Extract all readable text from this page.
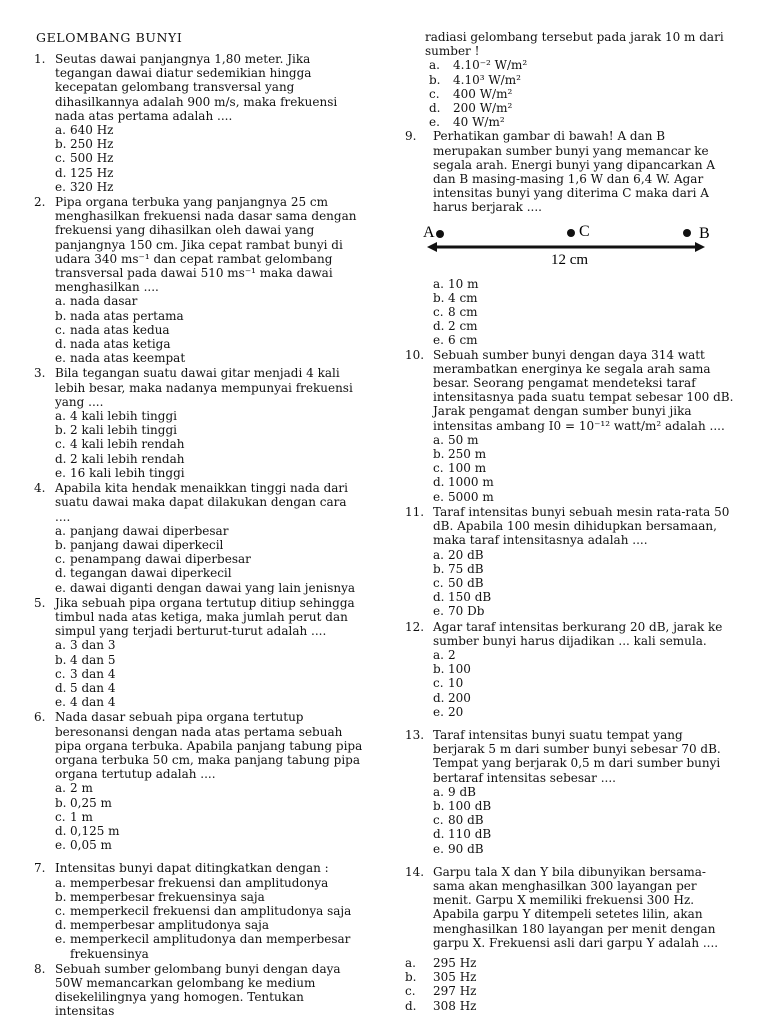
GELOMBANG BUNYI
1. Seutas dawai panjangnya 1,80 meter. Jika tegangan dawai diatur sedemikian hingga kecepatan gelombang transversal yang dihasilkannya adalah 900 m/s, maka frekuensi nada atas pertama adalah ....
a. 640 Hz
b. 250 Hz
c. 500 Hz
d. 125 Hz
e. 320 Hz
2. Pipa organa terbuka yang panjangnya 25 cm menghasilkan frekuensi nada dasar sama dengan frekuensi yang dihasilkan oleh dawai yang panjangnya 150 cm. Jika cepat rambat bunyi di udara 340 ms⁻¹ dan cepat rambat gelombang transversal pada dawai 510 ms⁻¹ maka dawai menghasilkan ....
a. nada dasar
b. nada atas pertama
c. nada atas kedua
d. nada atas ketiga
e. nada atas keempat
3. Bila tegangan suatu dawai gitar menjadi 4 kali lebih besar, maka nadanya mempunyai frekuensi yang ....
a. 4 kali lebih tinggi
b. 2 kali lebih tinggi
c. 4 kali lebih rendah
d. 2 kali lebih rendah
e. 16 kali lebih tinggi
4. Apabila kita hendak menaikkan tinggi nada dari suatu dawai maka dapat dilakukan dengan cara ....
a. panjang dawai diperbesar
b. panjang dawai diperkecil
c. penampang dawai diperbesar
d. tegangan dawai diperkecil
e. dawai diganti dengan dawai yang lain jenisnya
5. Jika sebuah pipa organa tertutup ditiup sehingga timbul nada atas ketiga, maka jumlah perut dan simpul yang terjadi berturut-turut adalah ....
a. 3 dan 3
b. 4 dan 5
c. 3 dan 4
d. 5 dan 4
e. 4 dan 4
6. Nada dasar sebuah pipa organa tertutup beresonansi dengan nada atas pertama sebuah pipa organa terbuka. Apabila panjang tabung pipa organa terbuka 50 cm, maka panjang tabung pipa organa tertutup adalah ....
a. 2 m
b. 0,25 m
c. 1 m
d. 0,125 m
e. 0,05 m
7. Intensitas bunyi dapat ditingkatkan dengan :
a. memperbesar frekuensi dan amplitudonya
b. memperbesar frekuensinya saja
c. memperkecil frekuensi dan amplitudonya saja
d. memperbesar amplitudonya saja
e. memperkecil amplitudonya dan memperbesar frekuensinya
8. Sebuah sumber gelombang bunyi dengan daya 50W memancarkan gelombang ke medium disekelilingnya yang homogen. Tentukan intensitas
radiasi gelombang tersebut pada jarak 10 m dari sumber !
a. 4.10⁻² W/m²
b. 4.10³ W/m²
c. 400 W/m²
d. 200 W/m²
e. 40 W/m²
9. Perhatikan gambar di bawah! A dan B merupakan sumber bunyi yang memancar ke segala arah. Energi bunyi yang dipancarkan A dan B masing-masing 1,6 W dan 6,4 W. Agar intensitas bunyi yang diterima C maka dari A harus berjarak ....
A	C	B
12 cm
a. 10 m
b. 4 cm
c. 8 cm
d. 2 cm
e. 6 cm
10. Sebuah sumber bunyi dengan daya 314 watt merambatkan energinya ke segala arah sama besar. Seorang pengamat mendeteksi taraf intensitasnya pada suatu tempat sebesar 100 dB. Jarak pengamat dengan sumber bunyi jika intensitas ambang I0 = 10⁻¹² watt/m² adalah ....
a. 50 m
b. 250 m
c. 100 m
d. 1000 m
e. 5000 m
11. Taraf intensitas bunyi sebuah mesin rata-rata 50 dB. Apabila 100 mesin dihidupkan bersamaan, maka taraf intensitasnya adalah ....
a. 20 dB
b. 75 dB
c. 50 dB
d. 150 dB
e. 70 Db
12. Agar taraf intensitas berkurang 20 dB, jarak ke sumber bunyi harus dijadikan ... kali semula.
a. 2
b. 100
c. 10
d. 200
e. 20
13. Taraf intensitas bunyi suatu tempat yang berjarak 5 m dari sumber bunyi sebesar 70 dB. Tempat yang berjarak 0,5 m dari sumber bunyi bertaraf intensitas sebesar ....
a. 9 dB
b. 100 dB
c. 80 dB
d. 110 dB
e. 90 dB
14. Garpu tala X dan Y bila dibunyikan bersama-sama akan menghasilkan 300 layangan per menit. Garpu X memiliki frekuensi 300 Hz. Apabila garpu Y ditempeli setetes lilin, akan menghasilkan 180 layangan per menit dengan garpu X. Frekuensi asli dari garpu Y adalah ....
a. 295 Hz
b. 305 Hz
c. 297 Hz
d. 308 Hz
